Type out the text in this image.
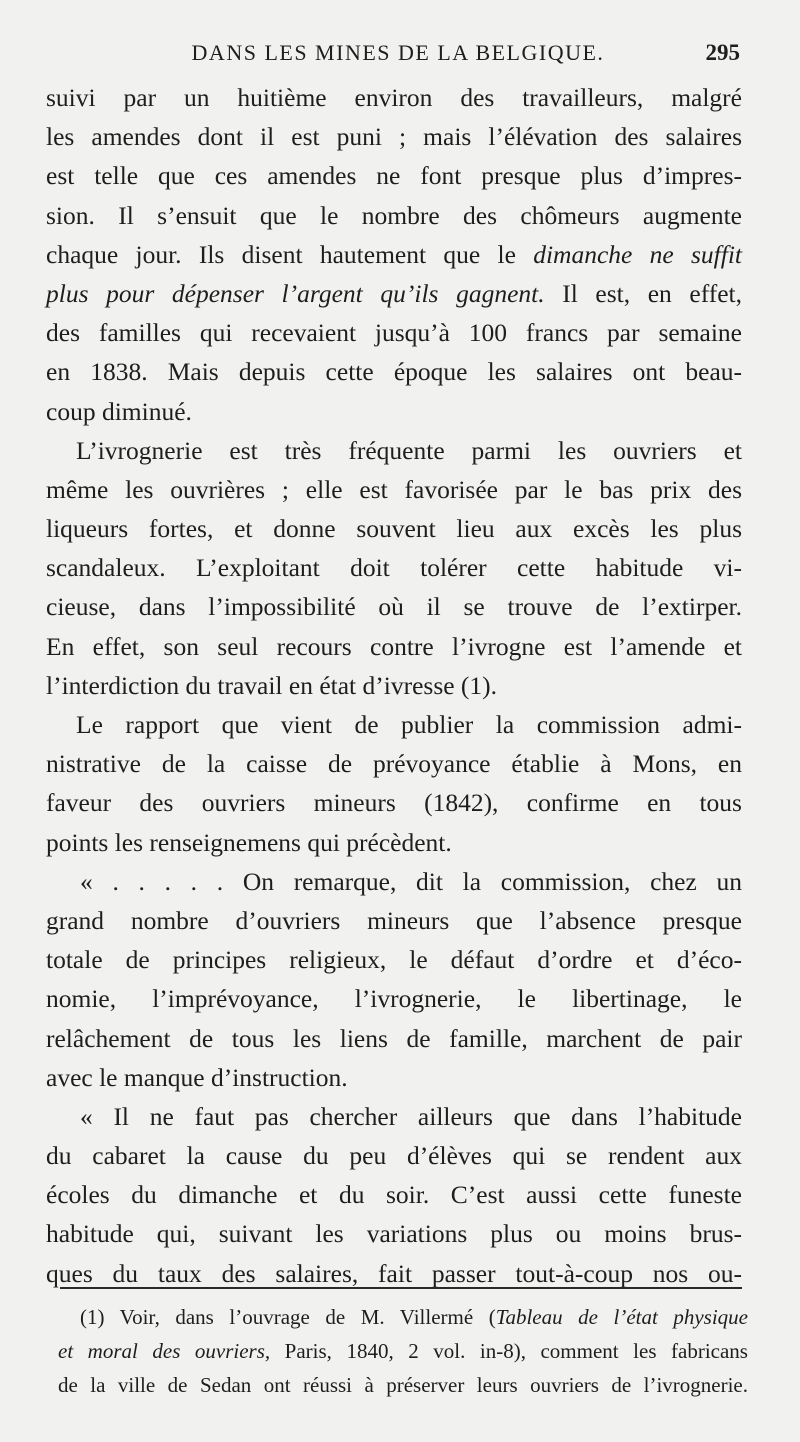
DANS LES MINES DE LA BELGIQUE.	295
suivi par un huitième environ des travailleurs, malgré
les amendes dont il est puni ; mais l’élévation des salaires
est telle que ces amendes ne font presque plus d’impres-
sion. Il s’ensuit que le nombre des chômeurs augmente
chaque jour. Ils disent hautement que le dimanche ne suffit
plus pour dépenser l’argent qu’ils gagnent. Il est, en effet,
des familles qui recevaient jusqu’à 100 francs par semaine
en 1838. Mais depuis cette époque les salaires ont beau-
coup diminué.
L’ivrognerie est très fréquente parmi les ouvriers et
même les ouvrières ; elle est favorisée par le bas prix des
liqueurs fortes, et donne souvent lieu aux excès les plus
scandaleux. L’exploitant doit tolérer cette habitude vi-
cieuse, dans l’impossibilité où il se trouve de l’extirper.
En effet, son seul recours contre l’ivrogne est l’amende et
l’interdiction du travail en état d’ivresse (1).
Le rapport que vient de publier la commission admi-
nistrative de la caisse de prévoyance établie à Mons, en
faveur des ouvriers mineurs (1842), confirme en tous
points les renseignemens qui précèdent.
« . . . . . On remarque, dit la commission, chez un
grand nombre d’ouvriers mineurs que l’absence presque
totale de principes religieux, le défaut d’ordre et d’éco-
nomie, l’imprévoyance, l’ivrognerie, le libertinage, le
relâchement de tous les liens de famille, marchent de pair
avec le manque d’instruction.
« Il ne faut pas chercher ailleurs que dans l’habitude
du cabaret la cause du peu d’élèves qui se rendent aux
écoles du dimanche et du soir. C’est aussi cette funeste
habitude qui, suivant les variations plus ou moins brus-
ques du taux des salaires, fait passer tout-à-coup nos ou-
(1) Voir, dans l’ouvrage de M. Villermé (Tableau de l’état physique
et moral des ouvriers, Paris, 1840, 2 vol. in-8), comment les fabricans
de la ville de Sedan ont réussi à préserver leurs ouvriers de l’ivrognerie.
